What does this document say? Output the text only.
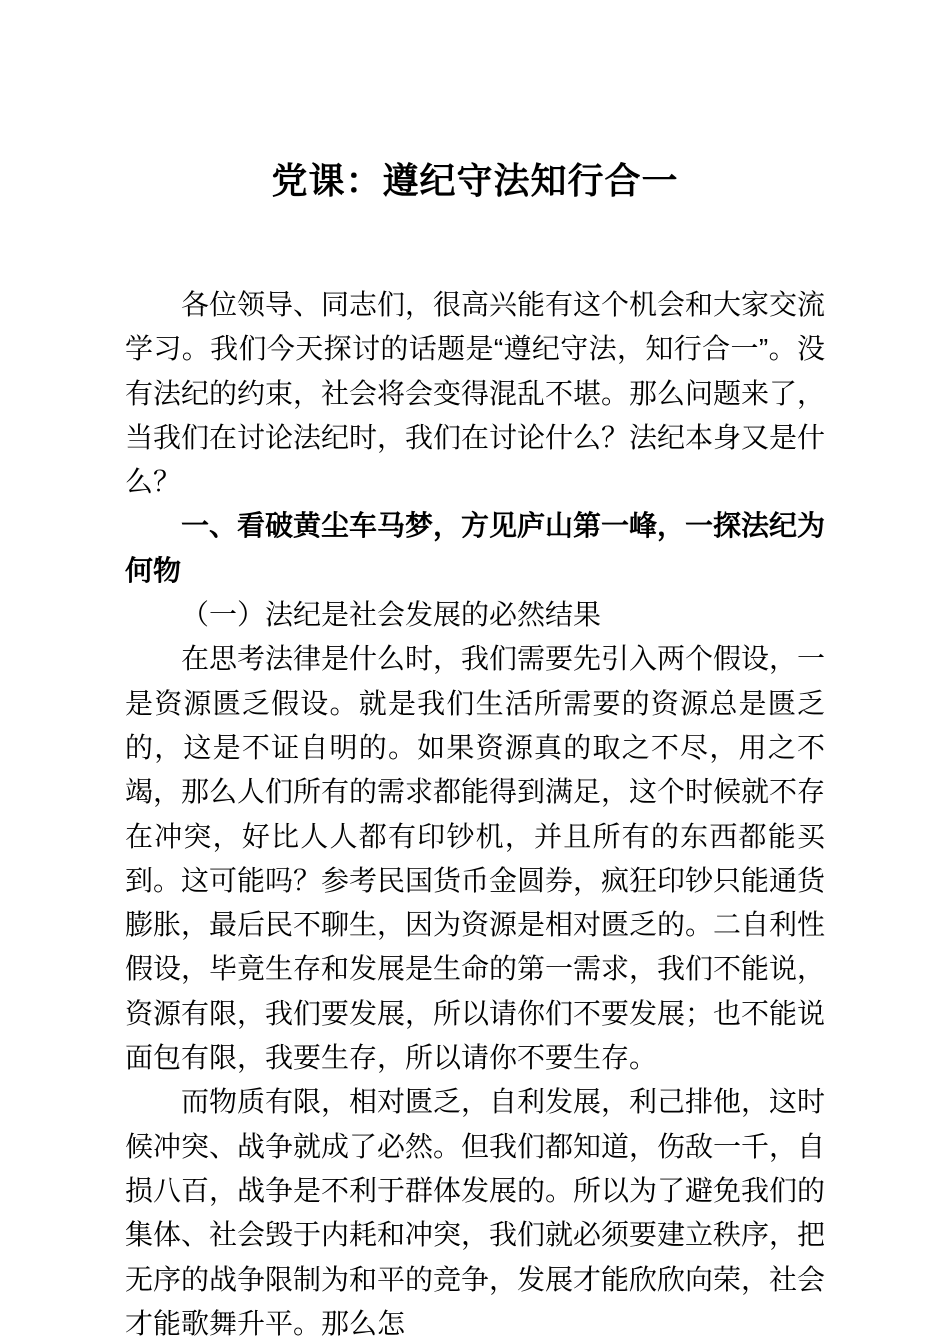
党课：遵纪守法知行合一

各位领导、同志们，很高兴能有这个机会和大家交流学习。我们今天探讨的话题是“遵纪守法，知行合一”。没有法纪的约束，社会将会变得混乱不堪。那么问题来了，当我们在讨论法纪时，我们在讨论什么？法纪本身又是什么？

一、看破黄尘车马梦，方见庐山第一峰，一探法纪为何物

（一）法纪是社会发展的必然结果

在思考法律是什么时，我们需要先引入两个假设，一是资源匮乏假设。就是我们生活所需要的资源总是匮乏的，这是不证自明的。如果资源真的取之不尽，用之不竭，那么人们所有的需求都能得到满足，这个时候就不存在冲突，好比人人都有印钞机，并且所有的东西都能买到。这可能吗？参考民国货币金圆券，疯狂印钞只能通货膨胀，最后民不聊生，因为资源是相对匮乏的。二自利性假设，毕竟生存和发展是生命的第一需求，我们不能说，资源有限，我们要发展，所以请你们不要发展；也不能说面包有限，我要生存，所以请你不要生存。

而物质有限，相对匮乏，自利发展，利己排他，这时候冲突、战争就成了必然。但我们都知道，伤敌一千，自损八百，战争是不利于群体发展的。所以为了避免我们的集体、社会毁于内耗和冲突，我们就必须要建立秩序，把无序的战争限制为和平的竞争，发展才能欣欣向荣，社会才能歌舞升平。那么怎
